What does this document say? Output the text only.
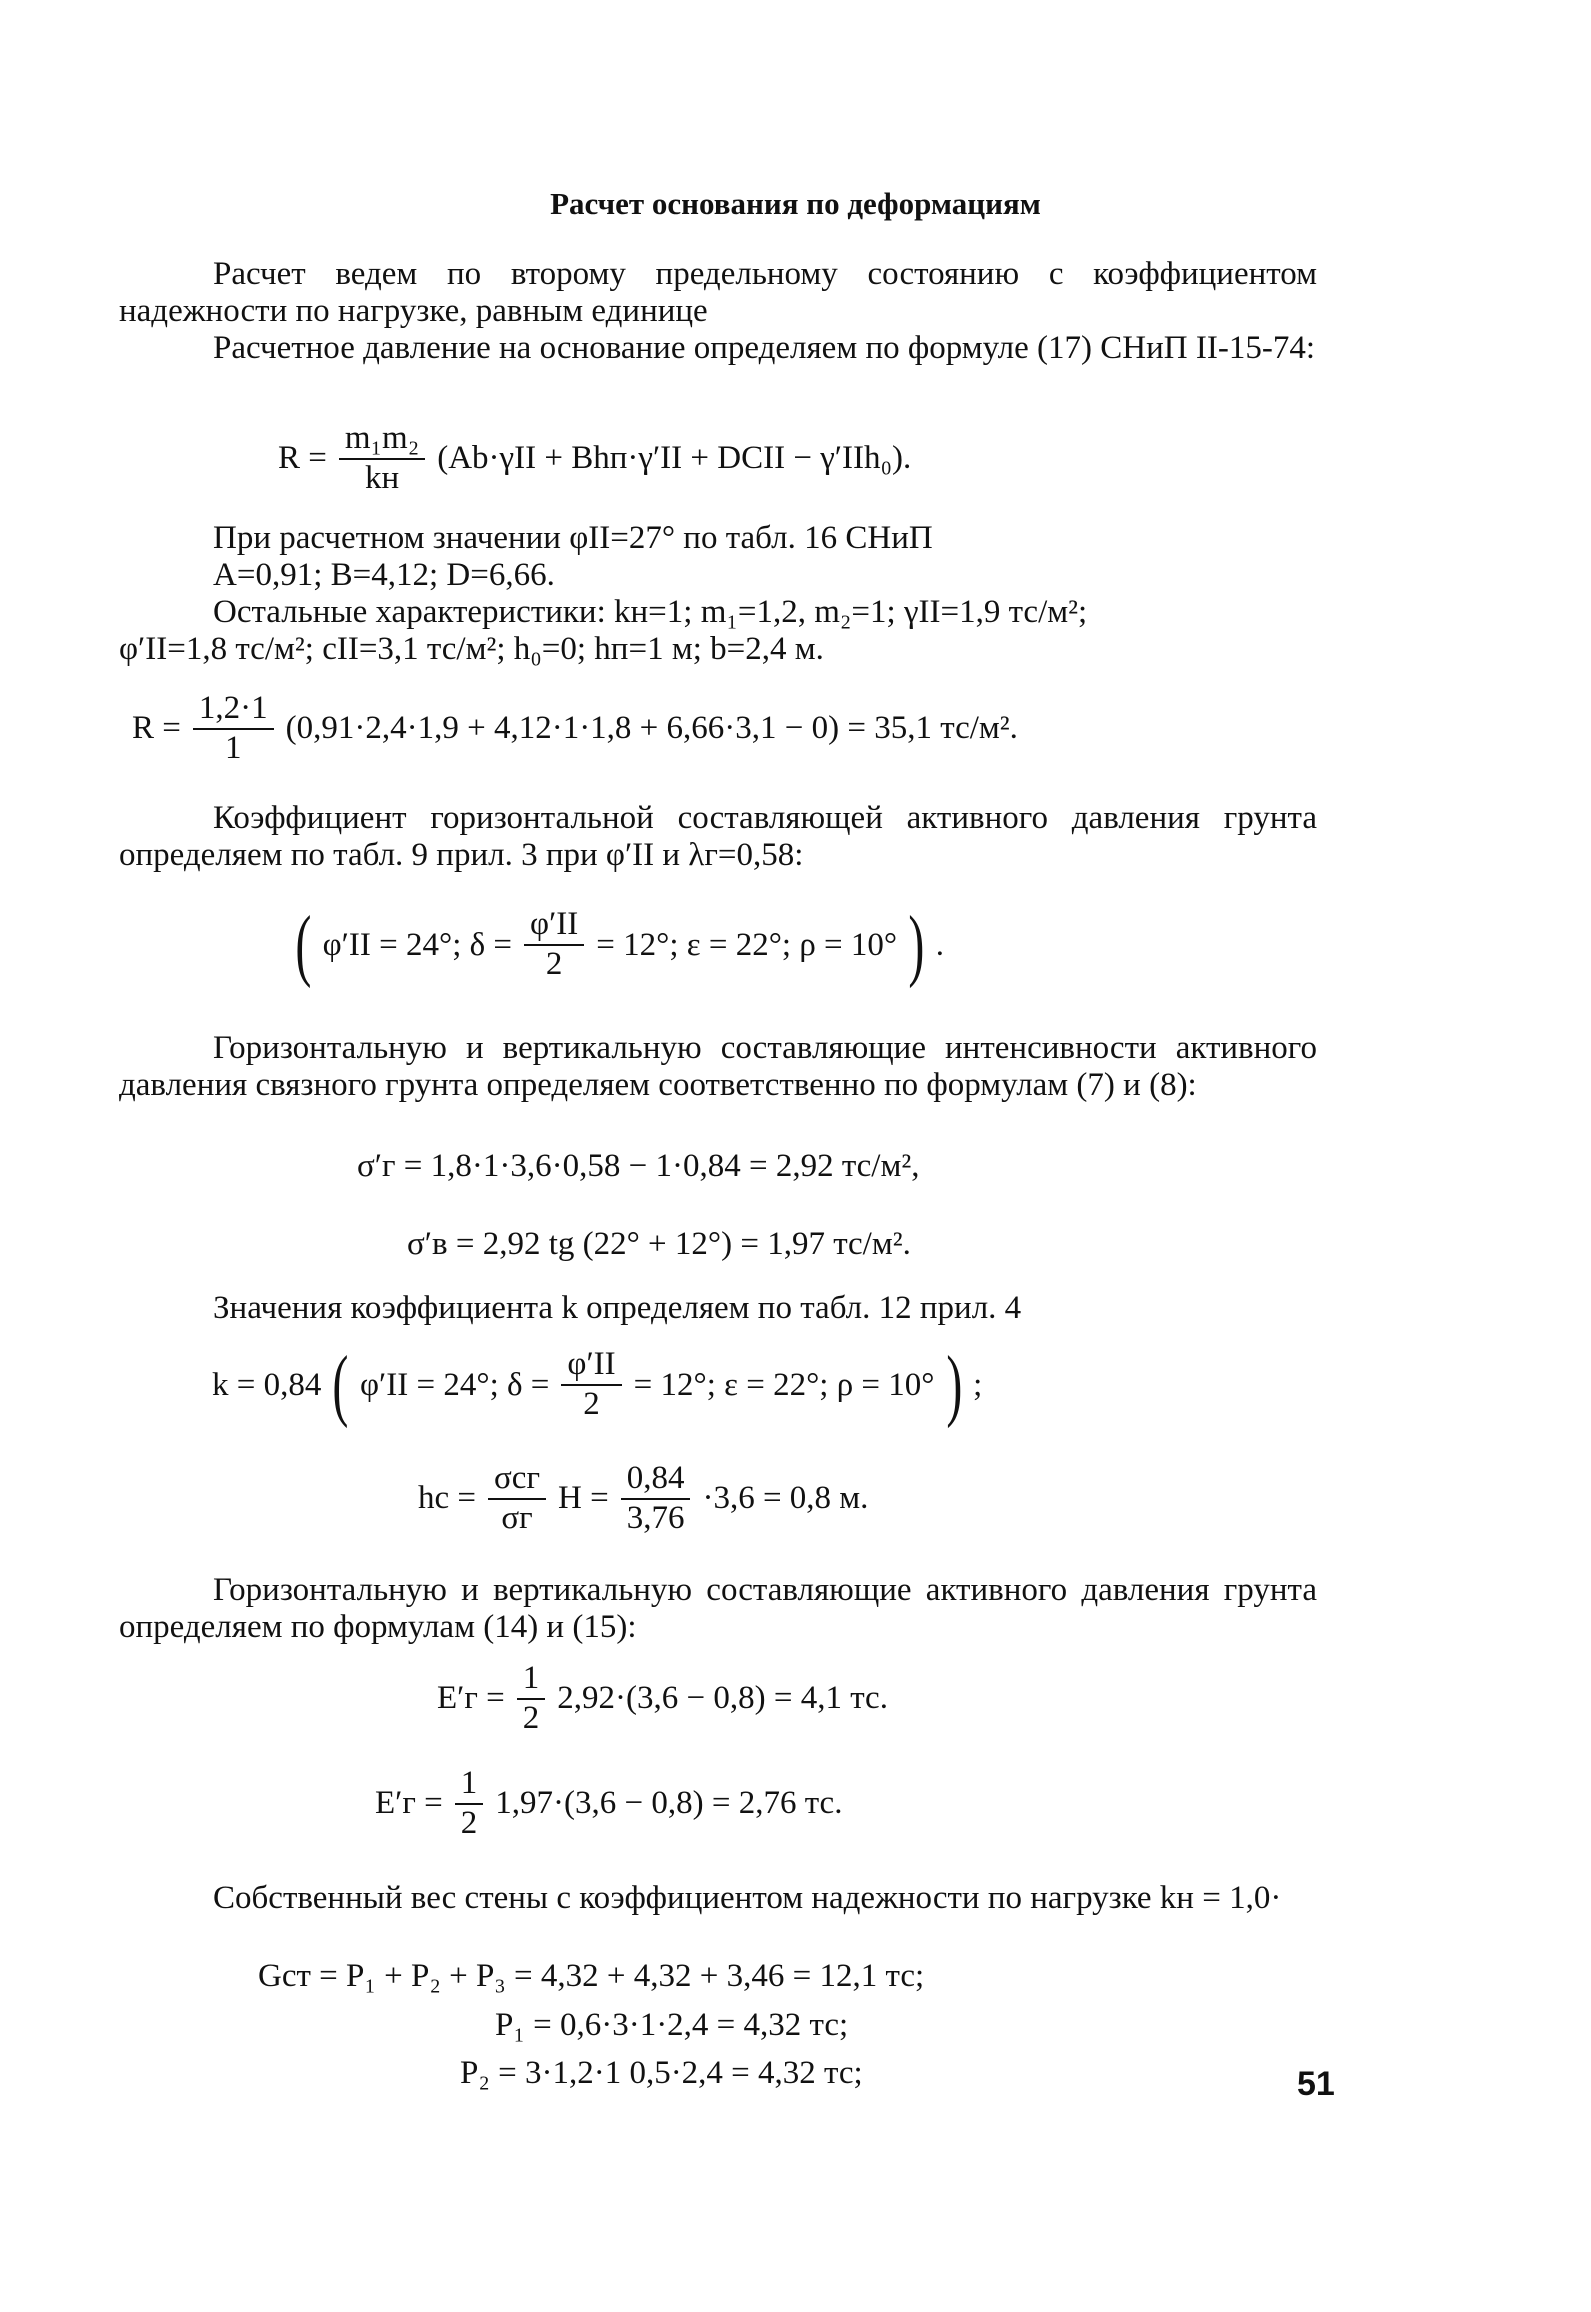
Расчет основания по деформациям
Расчет ведем по второму предельному состоянию с коэффициентом надежности по нагрузке, равным единице
Расчетное давление на основание определяем по формуле (17) СНиП II-15-74:
$R = \frac{\text{m₁m₂}}{kн} (Ab\cdot\gamma II + Bhп\cdot\gamma'II$ + DCII − γ′IIh₀).
При расчетном значении φII=27° по табл. 16 СНиП
A=0,91; B=4,12; D=6,66.
Остальные характеристики: kн=1; m₁=1,2, m₂=1; γII=1,9 тс/м²;
φ′II=1,8 тс/м²; cII=3,1 тс/м²; h₀=0; hп=1 м; b=2,4 м.
$R = \frac{1,2\cdot 1}{1} (0,91\cdot 2,4\cdot 1,9 + 4,12\cdot 1\cdot 1,8 + 6,66\cdot 3,1 - 0) = 35,1$ тс/м².
Коэффициент горизонтальной составляющей активного давления грунта определяем по табл. 9 прил. 3 при φ′II и λг=0,58:
( φ′II = 24°; $\delta = \frac{\varphi'II}{2} = 12^\circ$; ε = 22°; ρ = 10° ) .
Горизонтальную и вертикальную составляющие интенсивности активного давления связного грунта определяем соответственно по формулам (7) и (8):
σ′г = 1,8·1·3,6·0,58 − 1·0,84 = 2,92 тс/м²,
σ′в = 2,92 tg (22° + 12°) = 1,97 тс/м².
Значения коэффициента k определяем по табл. 12 прил. 4
k = 0,84 ( φ′II = 24°; $\delta = \frac{\varphi'II}{2} = 12^\circ$; ε = 22°; ρ = 10° ) ;
hс = $\frac{\text{σсг}}{\sigma г}$ $H = \frac{0,84}{3,76} \cdot 3,6 = 0,8$ м.
Горизонтальную и вертикальную составляющие активного давления грунта определяем по формулам (14) и (15):
$E'г = \frac{1}{2} 2,92\cdot(3,6 - 0,8) = 4,1$ тс.
$E'г = \frac{1}{2} 1,97\cdot(3,6 - 0,8) = 2,76$ тс.
Собственный вес стены с коэффициентом надежности по нагрузке kн = 1,0·
Gст = P₁ + P₂ + P₃ = 4,32 + 4,32 + 3,46 = 12,1 тс;
P₁ = 0,6·3·1·2,4 = 4,32 тс;
P₂ = 3·1,2·1 0,5·2,4 = 4,32 тс;	51
